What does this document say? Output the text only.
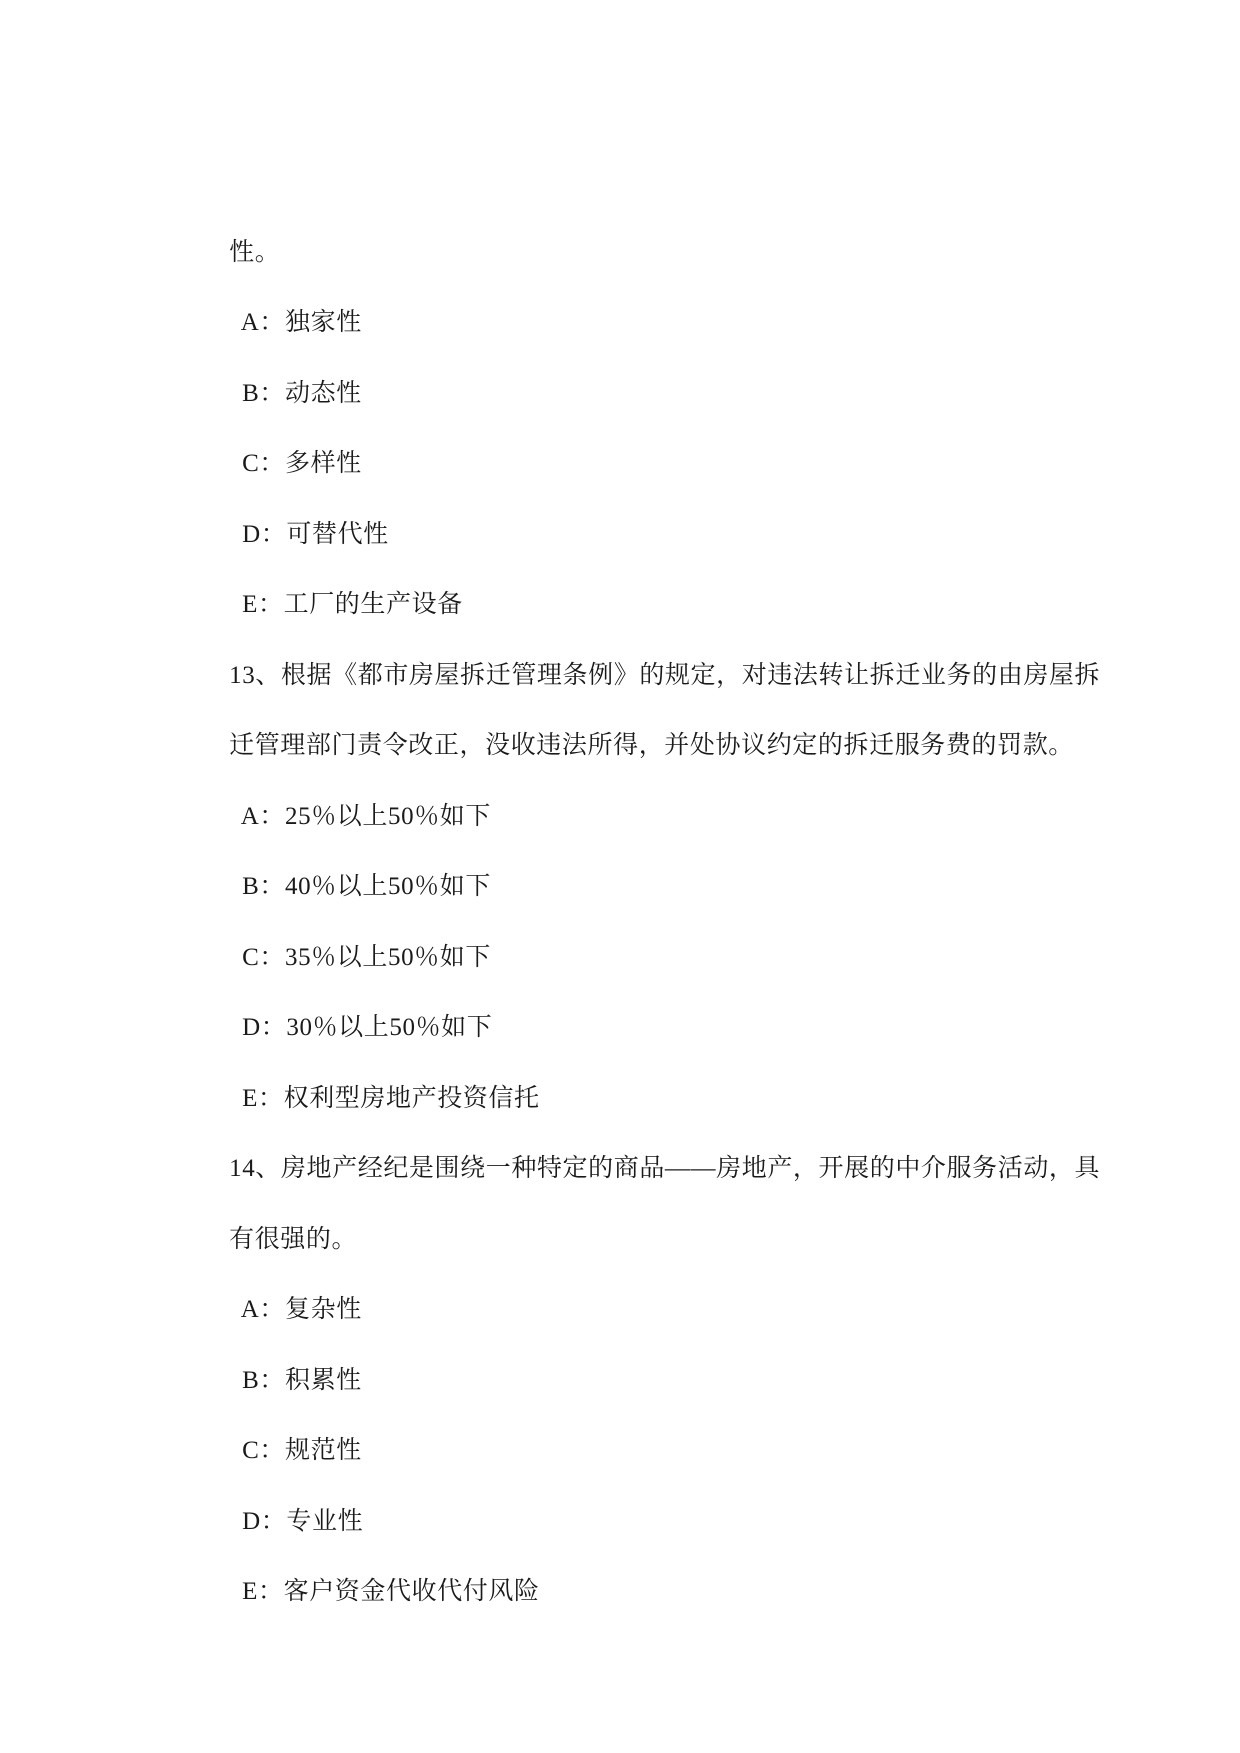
性。

A：独家性

B：动态性

C：多样性

D：可替代性

E：工厂的生产设备

13、根据《都市房屋拆迁管理条例》的规定，对违法转让拆迁业务的由房屋拆

迁管理部门责令改正，没收违法所得，并处协议约定的拆迁服务费的罚款。

A：25％以上50％如下

B：40％以上50％如下

C：35％以上50％如下

D：30％以上50％如下

E：权利型房地产投资信托

14、房地产经纪是围绕一种特定的商品——房地产，开展的中介服务活动，具

有很强的。

A：复杂性

B：积累性

C：规范性

D：专业性

E：客户资金代收代付风险
